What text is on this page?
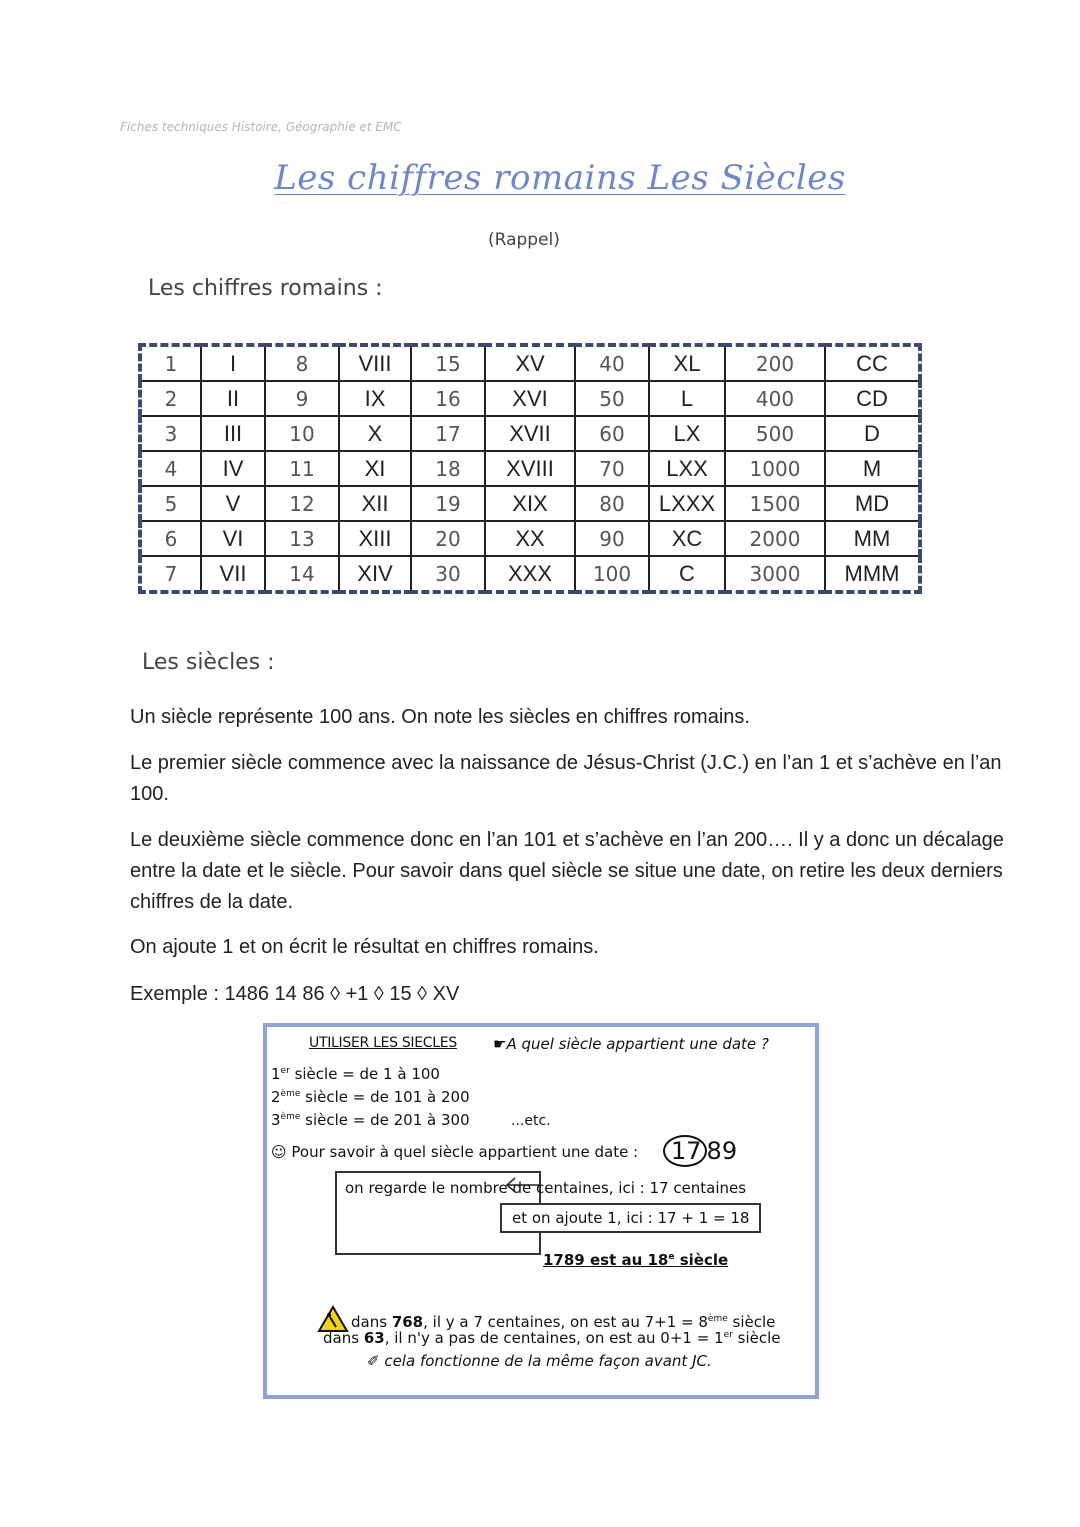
Fiches techniques Histoire, Géographie et EMC
Les chiffres romains Les Siècles
(Rappel)
Les chiffres romains :
1	I	8	VIII	15	XV	40	XL	200	CC
2	II	9	IX	16	XVI	50	L	400	CD
3	III	10	X	17	XVII	60	LX	500	D
4	IV	11	XI	18	XVIII	70	LXX	1000	M
5	V	12	XII	19	XIX	80	LXXX	1500	MD
6	VI	13	XIII	20	XX	90	XC	2000	MM
7	VII	14	XIV	30	XXX	100	C	3000	MMM
Les siècles :
Un siècle représente 100 ans. On note les siècles en chiffres romains.
Le premier siècle commence avec la naissance de Jésus-Christ (J.C.) en l’an 1 et s’achève en l’an 100.
Le deuxième siècle commence donc en l’an 101 et s’achève en l’an 200…. Il y a donc un décalage entre la date et le siècle. Pour savoir dans quel siècle se situe une date, on retire les deux derniers chiffres de la date.
On ajoute 1 et on écrit le résultat en chiffres romains.
Exemple : 1486 14 86 ◊ +1 ◊ 15 ◊ XV
UTILISER LES SIECLES ☛A quel siècle appartient une date ?
1er siècle = de 1 à 100
2ème siècle = de 101 à 200
3ème siècle = de 201 à 300	...etc.
☺ Pour savoir à quel siècle appartient une date :	17 89
on regarde le nombre de centaines, ici : 17 centaines
et on ajoute 1, ici : 17 + 1 = 18
1789 est au 18e siècle
dans 768, il y a 7 centaines, on est au 7+1 = 8ème siècle
dans 63, il n'y a pas de centaines, on est au 0+1 = 1er siècle
✐ cela fonctionne de la même façon avant JC.
